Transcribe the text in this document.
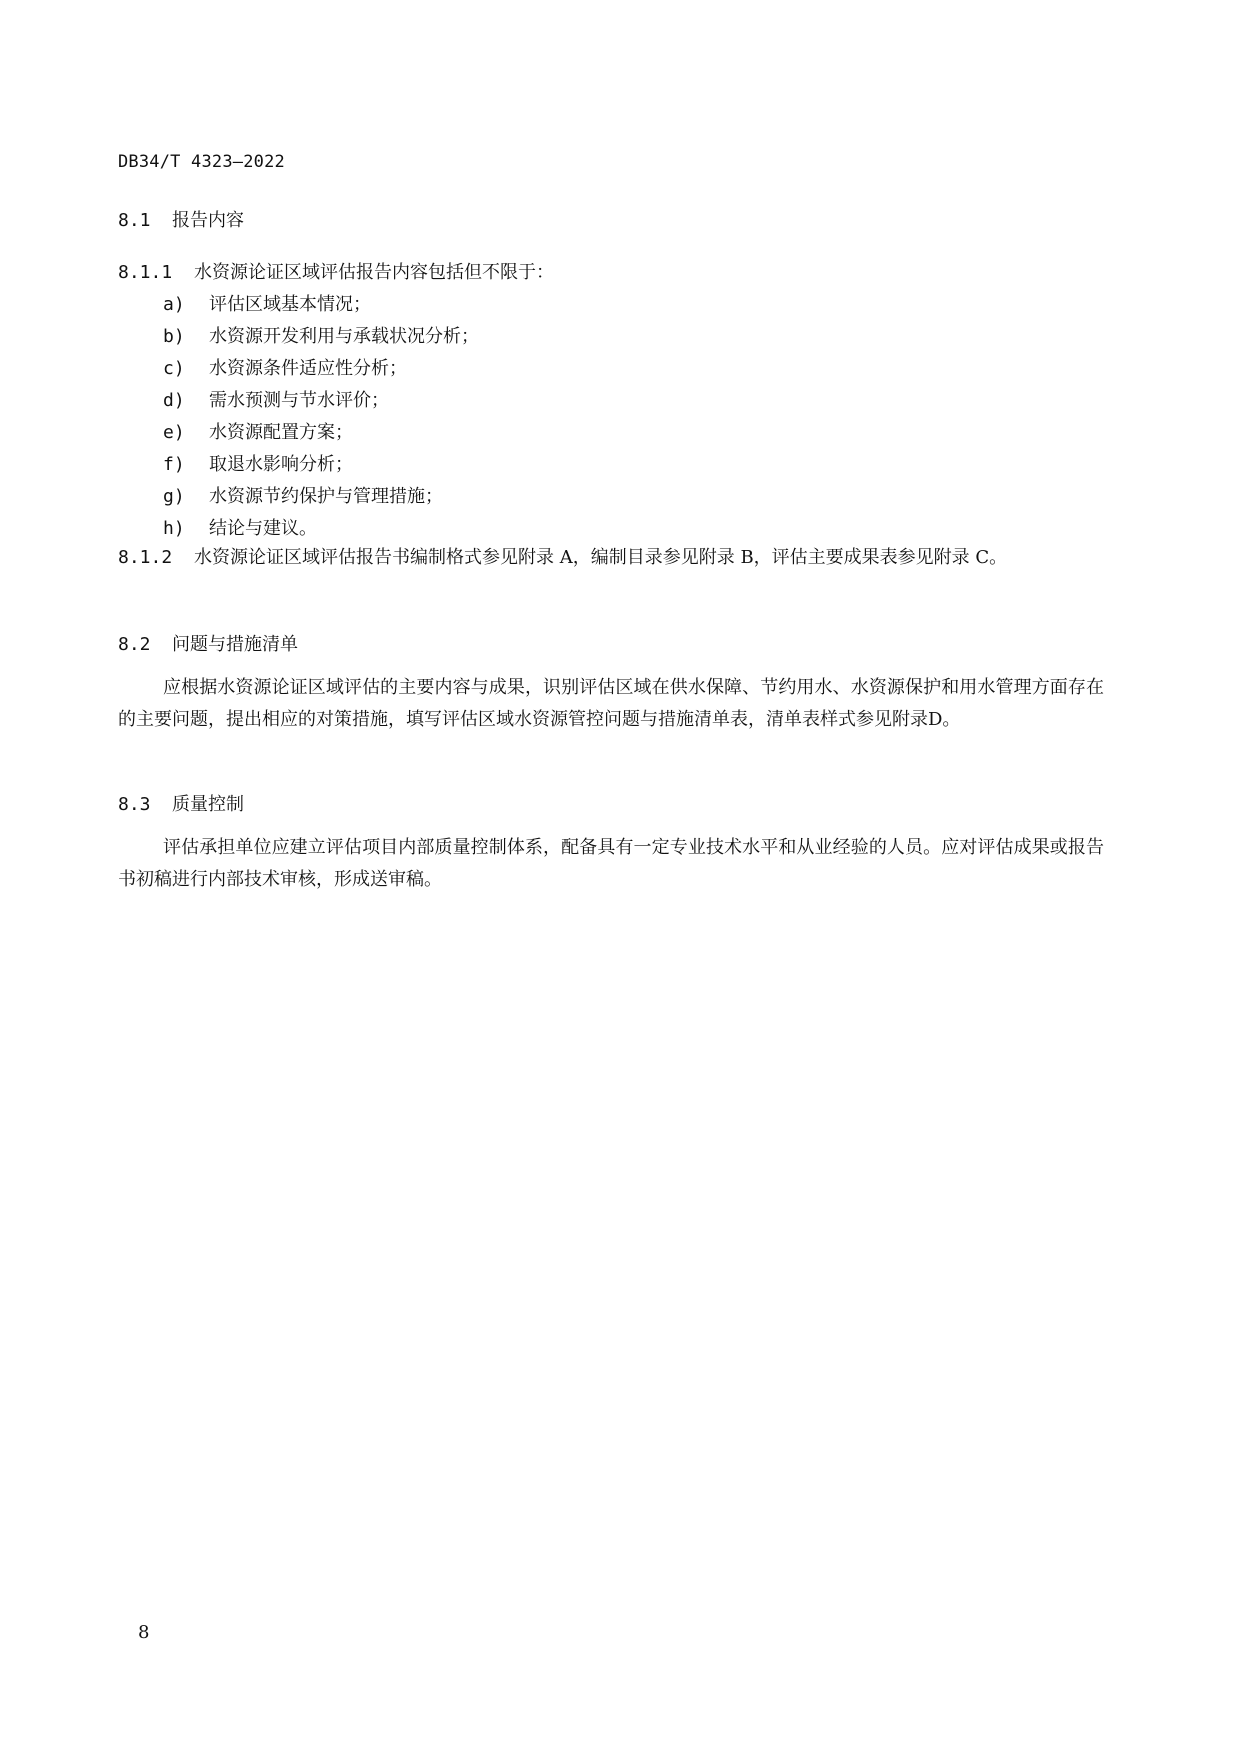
DB34/T 4323—2022
8.1 报告内容
8.1.1 水资源论证区域评估报告内容包括但不限于：
a) 评估区域基本情况；
b) 水资源开发利用与承载状况分析；
c) 水资源条件适应性分析；
d) 需水预测与节水评价；
e) 水资源配置方案；
f) 取退水影响分析；
g) 水资源节约保护与管理措施；
h) 结论与建议。
8.1.2 水资源论证区域评估报告书编制格式参见附录 A，编制目录参见附录 B，评估主要成果表参见附录 C。
8.2 问题与措施清单
应根据水资源论证区域评估的主要内容与成果，识别评估区域在供水保障、节约用水、水资源保护和用水管理方面存在的主要问题，提出相应的对策措施，填写评估区域水资源管控问题与措施清单表，清单表样式参见附录D。
8.3 质量控制
评估承担单位应建立评估项目内部质量控制体系，配备具有一定专业技术水平和从业经验的人员。应对评估成果或报告书初稿进行内部技术审核，形成送审稿。
8
